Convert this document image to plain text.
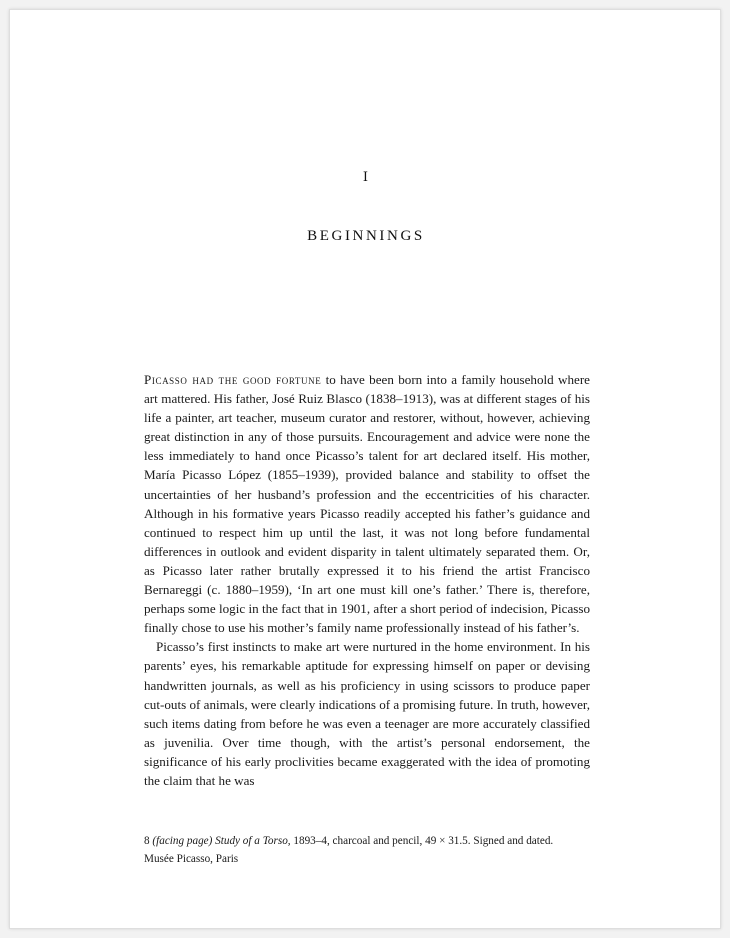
I
BEGINNINGS

Picasso had the good fortune to have been born into a family household where art mattered. His father, José Ruiz Blasco (1838–1913), was at different stages of his life a painter, art teacher, museum curator and restorer, without, however, achieving great distinction in any of those pursuits. Encouragement and advice were none the less immediately to hand once Picasso’s talent for art declared itself. His mother, María Picasso López (1855–1939), provided balance and stability to offset the uncertainties of her husband’s profession and the eccentricities of his character. Although in his formative years Picasso readily accepted his father’s guidance and continued to respect him up until the last, it was not long before fundamental differences in outlook and evident disparity in talent ultimately separated them. Or, as Picasso later rather brutally expressed it to his friend the artist Francisco Bernareggi (c. 1880–1959), ‘In art one must kill one’s father.’ There is, therefore, perhaps some logic in the fact that in 1901, after a short period of indecision, Picasso finally chose to use his mother’s family name professionally instead of his father’s.

Picasso’s first instincts to make art were nurtured in the home environment. In his parents’ eyes, his remarkable aptitude for expressing himself on paper or devising handwritten journals, as well as his proficiency in using scissors to produce paper cut-outs of animals, were clearly indications of a promising future. In truth, however, such items dating from before he was even a teenager are more accurately classified as juvenilia. Over time though, with the artist’s personal endorsement, the significance of his early proclivities became exaggerated with the idea of promoting the claim that he was

8 (facing page) Study of a Torso, 1893–4, charcoal and pencil, 49 × 31.5. Signed and dated.
Musée Picasso, Paris
